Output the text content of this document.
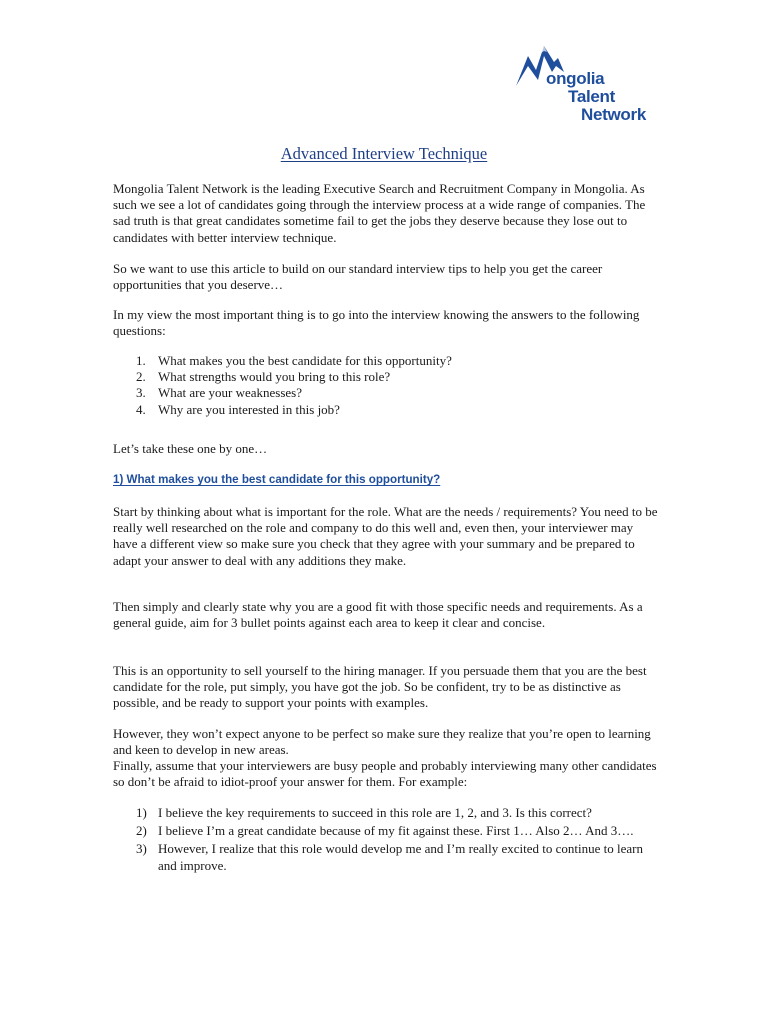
ongolia
Talent
Network
Advanced Interview Technique

Mongolia Talent Network is the leading Executive Search and Recruitment Company in Mongolia. As such we see a lot of candidates going through the interview process at a wide range of companies. The sad truth is that great candidates sometime fail to get the jobs they deserve because they lose out to candidates with better interview technique.

So we want to use this article to build on our standard interview tips to help you get the career opportunities that you deserve…

In my view the most important thing is to go into the interview knowing the answers to the following questions:

1. What makes you the best candidate for this opportunity?
2. What strengths would you bring to this role?
3. What are your weaknesses?
4. Why are you interested in this job?

Let’s take these one by one…

1) What makes you the best candidate for this opportunity?

Start by thinking about what is important for the role. What are the needs / requirements? You need to be really well researched on the role and company to do this well and, even then, your interviewer may have a different view so make sure you check that they agree with your summary and be prepared to adapt your answer to deal with any additions they make.

Then simply and clearly state why you are a good fit with those specific needs and requirements. As a general guide, aim for 3 bullet points against each area to keep it clear and concise.

This is an opportunity to sell yourself to the hiring manager. If you persuade them that you are the best candidate for the role, put simply, you have got the job. So be confident, try to be as distinctive as possible, and be ready to support your points with examples.

However, they won’t expect anyone to be perfect so make sure they realize that you’re open to learning and keen to develop in new areas.

Finally, assume that your interviewers are busy people and probably interviewing many other candidates so don’t be afraid to idiot-proof your answer for them. For example:

1) I believe the key requirements to succeed in this role are 1, 2, and 3. Is this correct?
2) I believe I’m a great candidate because of my fit against these. First 1… Also 2… And 3….
3) However, I realize that this role would develop me and I’m really excited to continue to learn and improve.
